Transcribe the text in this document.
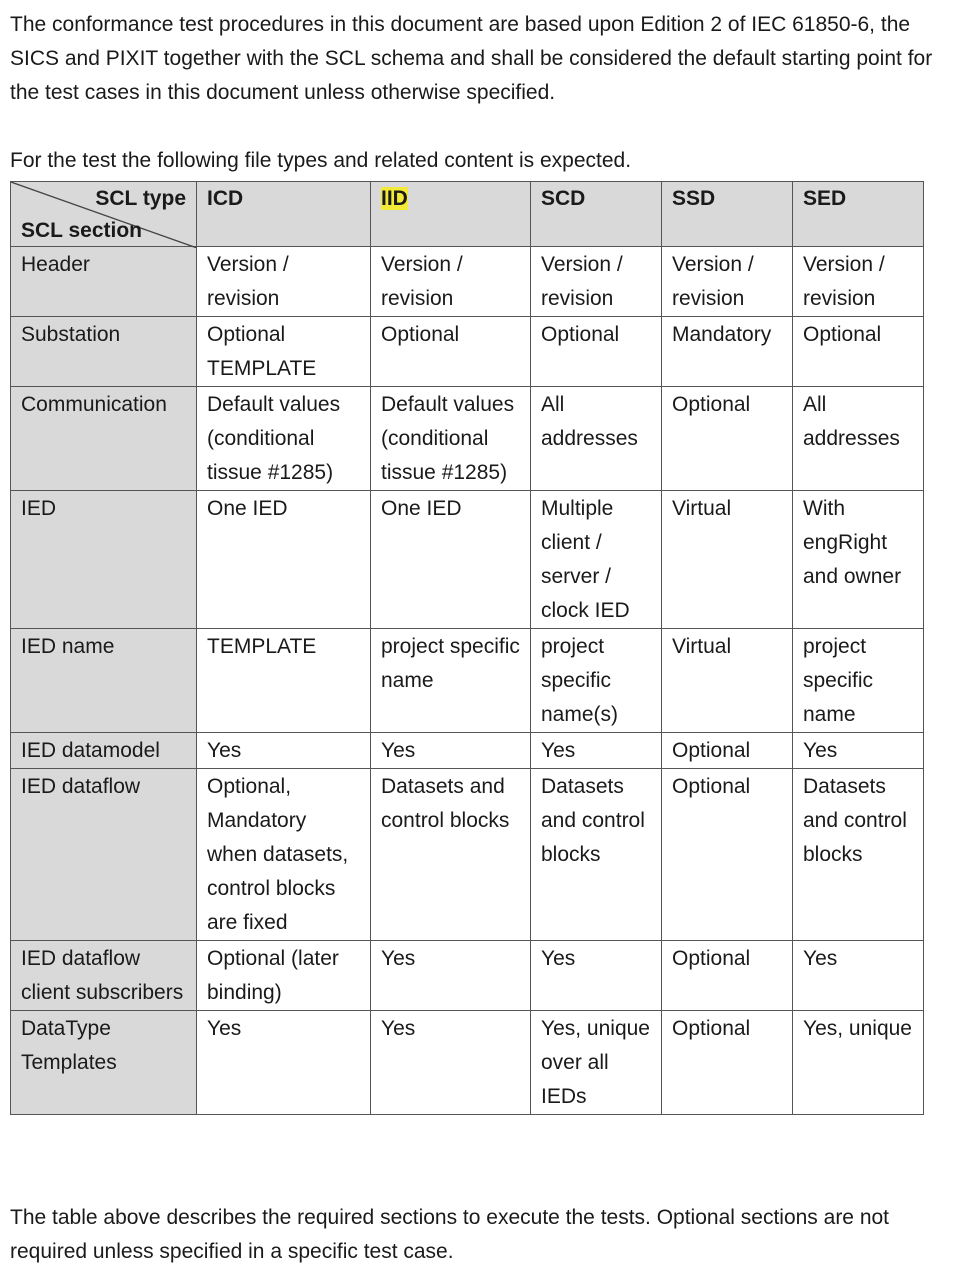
The conformance test procedures in this document are based upon Edition 2 of IEC 61850-6, the SICS and PIXIT together with the SCL schema and shall be considered the default starting point for the test cases in this document unless otherwise specified.

For the test the following file types and related content is expected.

SCL type
SCL section	ICD	IID	SCD	SSD	SED
Header	Version / revision	Version / revision	Version / revision	Version / revision	Version / revision
Substation	Optional TEMPLATE	Optional	Optional	Mandatory	Optional
Communication	Default values (conditional tissue #1285)	Default values (conditional tissue #1285)	All addresses	Optional	All addresses
IED	One IED	One IED	Multiple client / server / clock IED	Virtual	With engRight and owner
IED name	TEMPLATE	project specific name	project specific name(s)	Virtual	project specific name
IED datamodel	Yes	Yes	Yes	Optional	Yes
IED dataflow	Optional, Mandatory when datasets, control blocks are fixed	Datasets and control blocks	Datasets and control blocks	Optional	Datasets and control blocks
IED dataflow client subscribers	Optional (later binding)	Yes	Yes	Optional	Yes
DataType Templates	Yes	Yes	Yes, unique over all IEDs	Optional	Yes, unique

The table above describes the required sections to execute the tests. Optional sections are not required unless specified in a specific test case.
